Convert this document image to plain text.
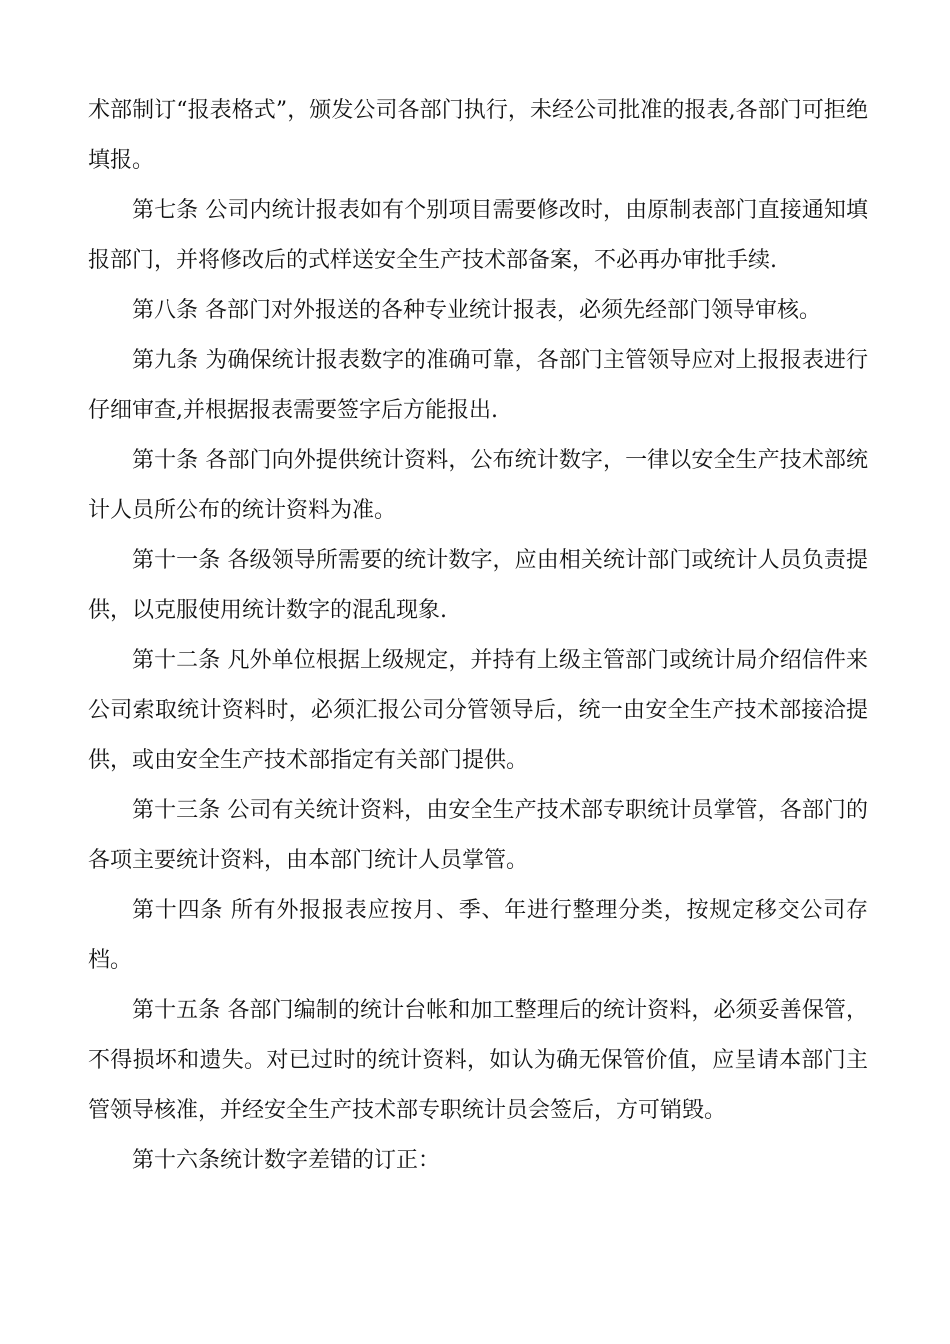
术部制订“报表格式”，颁发公司各部门执行，未经公司批准的报表,各部门可拒绝填报。

第七条 公司内统计报表如有个别项目需要修改时，由原制表部门直接通知填报部门，并将修改后的式样送安全生产技术部备案，不必再办审批手续.

第八条 各部门对外报送的各种专业统计报表，必须先经部门领导审核。

第九条 为确保统计报表数字的准确可靠，各部门主管领导应对上报报表进行仔细审查,并根据报表需要签字后方能报出.

第十条 各部门向外提供统计资料，公布统计数字，一律以安全生产技术部统计人员所公布的统计资料为准。

第十一条 各级领导所需要的统计数字，应由相关统计部门或统计人员负责提供，以克服使用统计数字的混乱现象.

第十二条 凡外单位根据上级规定，并持有上级主管部门或统计局介绍信件来公司索取统计资料时，必须汇报公司分管领导后，统一由安全生产技术部接洽提供，或由安全生产技术部指定有关部门提供。

第十三条 公司有关统计资料，由安全生产技术部专职统计员掌管，各部门的各项主要统计资料，由本部门统计人员掌管。

第十四条 所有外报报表应按月、季、年进行整理分类，按规定移交公司存档。

第十五条 各部门编制的统计台帐和加工整理后的统计资料，必须妥善保管，不得损坏和遗失。对已过时的统计资料，如认为确无保管价值，应呈请本部门主管领导核准，并经安全生产技术部专职统计员会签后，方可销毁。

第十六条统计数字差错的订正：
